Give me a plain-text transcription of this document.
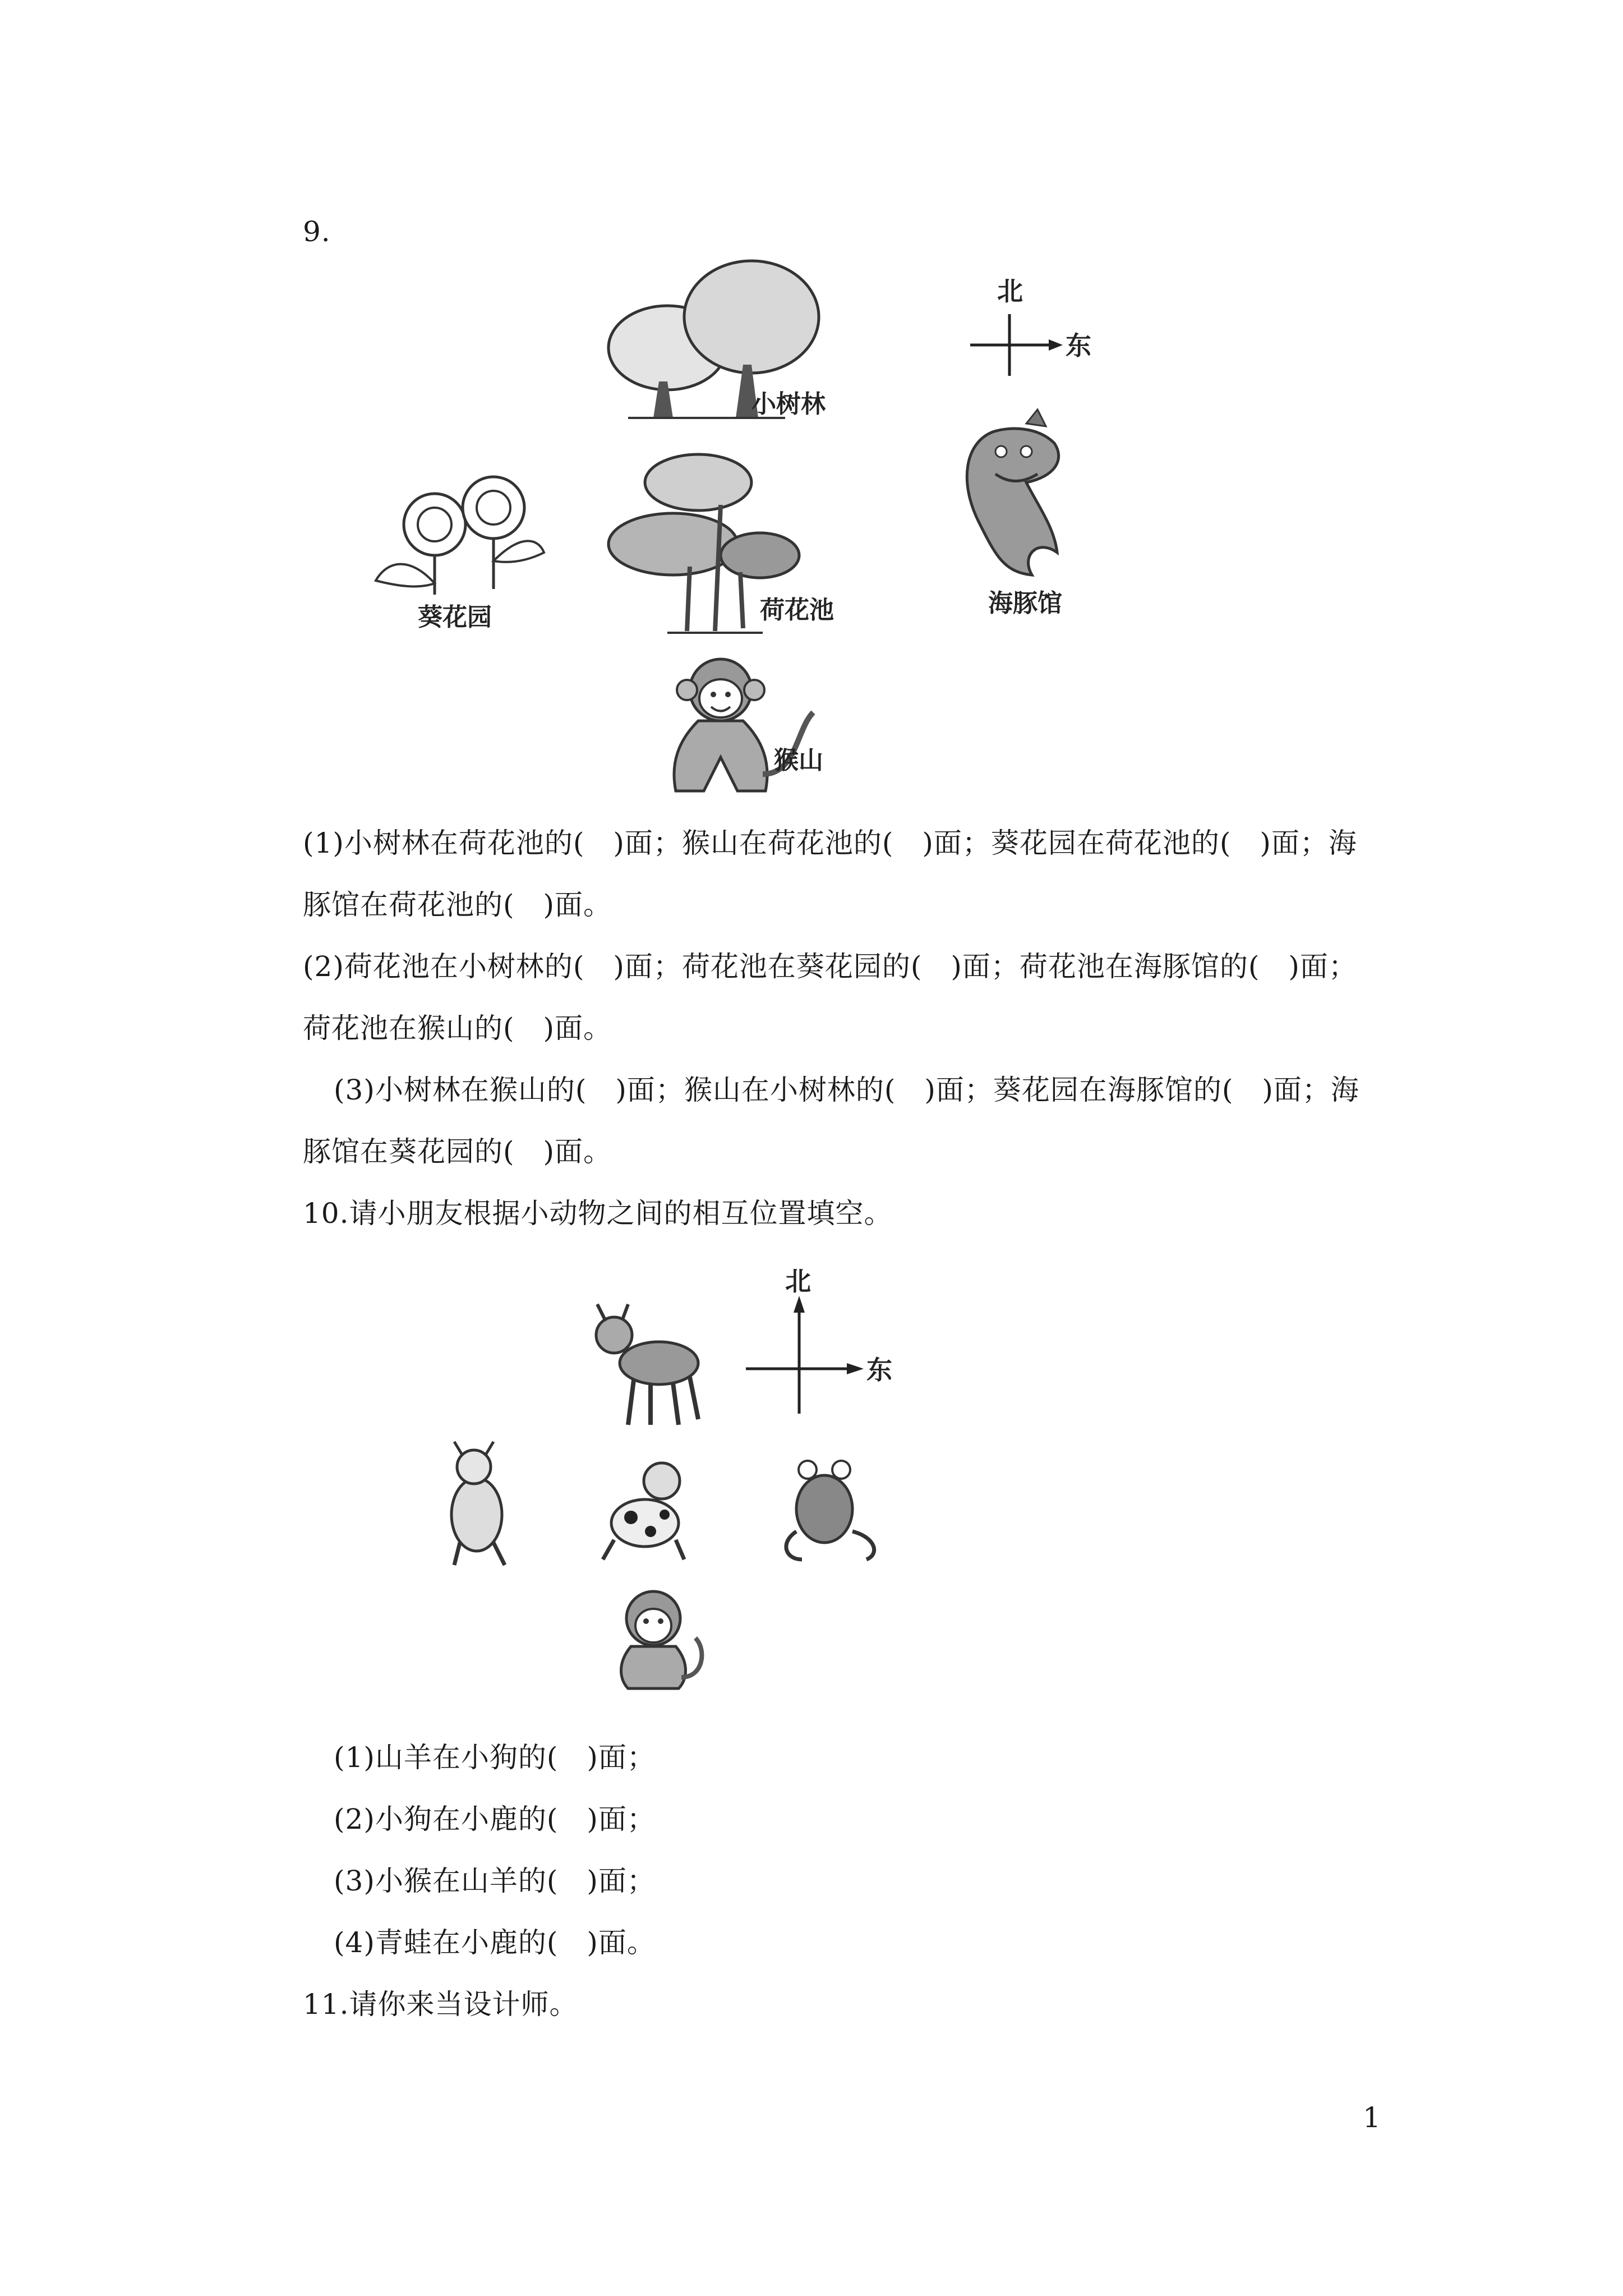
9.
小树林
北
东
葵花园	荷花池	海豚馆
猴山
(1)小树林在荷花池的(　)面；猴山在荷花池的(　)面；葵花园在荷花池的(　)面；海
豚馆在荷花池的(　)面。
(2)荷花池在小树林的(　)面；荷花池在葵花园的(　)面；荷花池在海豚馆的(　)面；
荷花池在猴山的(　)面。
(3)小树林在猴山的(　)面；猴山在小树林的(　)面；葵花园在海豚馆的(　)面；海
豚馆在葵花园的(　)面。
10.请小朋友根据小动物之间的相互位置填空。
北
东
(1)山羊在小狗的(　)面；
(2)小狗在小鹿的(　)面；
(3)小猴在山羊的(　)面；
(4)青蛙在小鹿的(　)面。
11.请你来当设计师。
1
